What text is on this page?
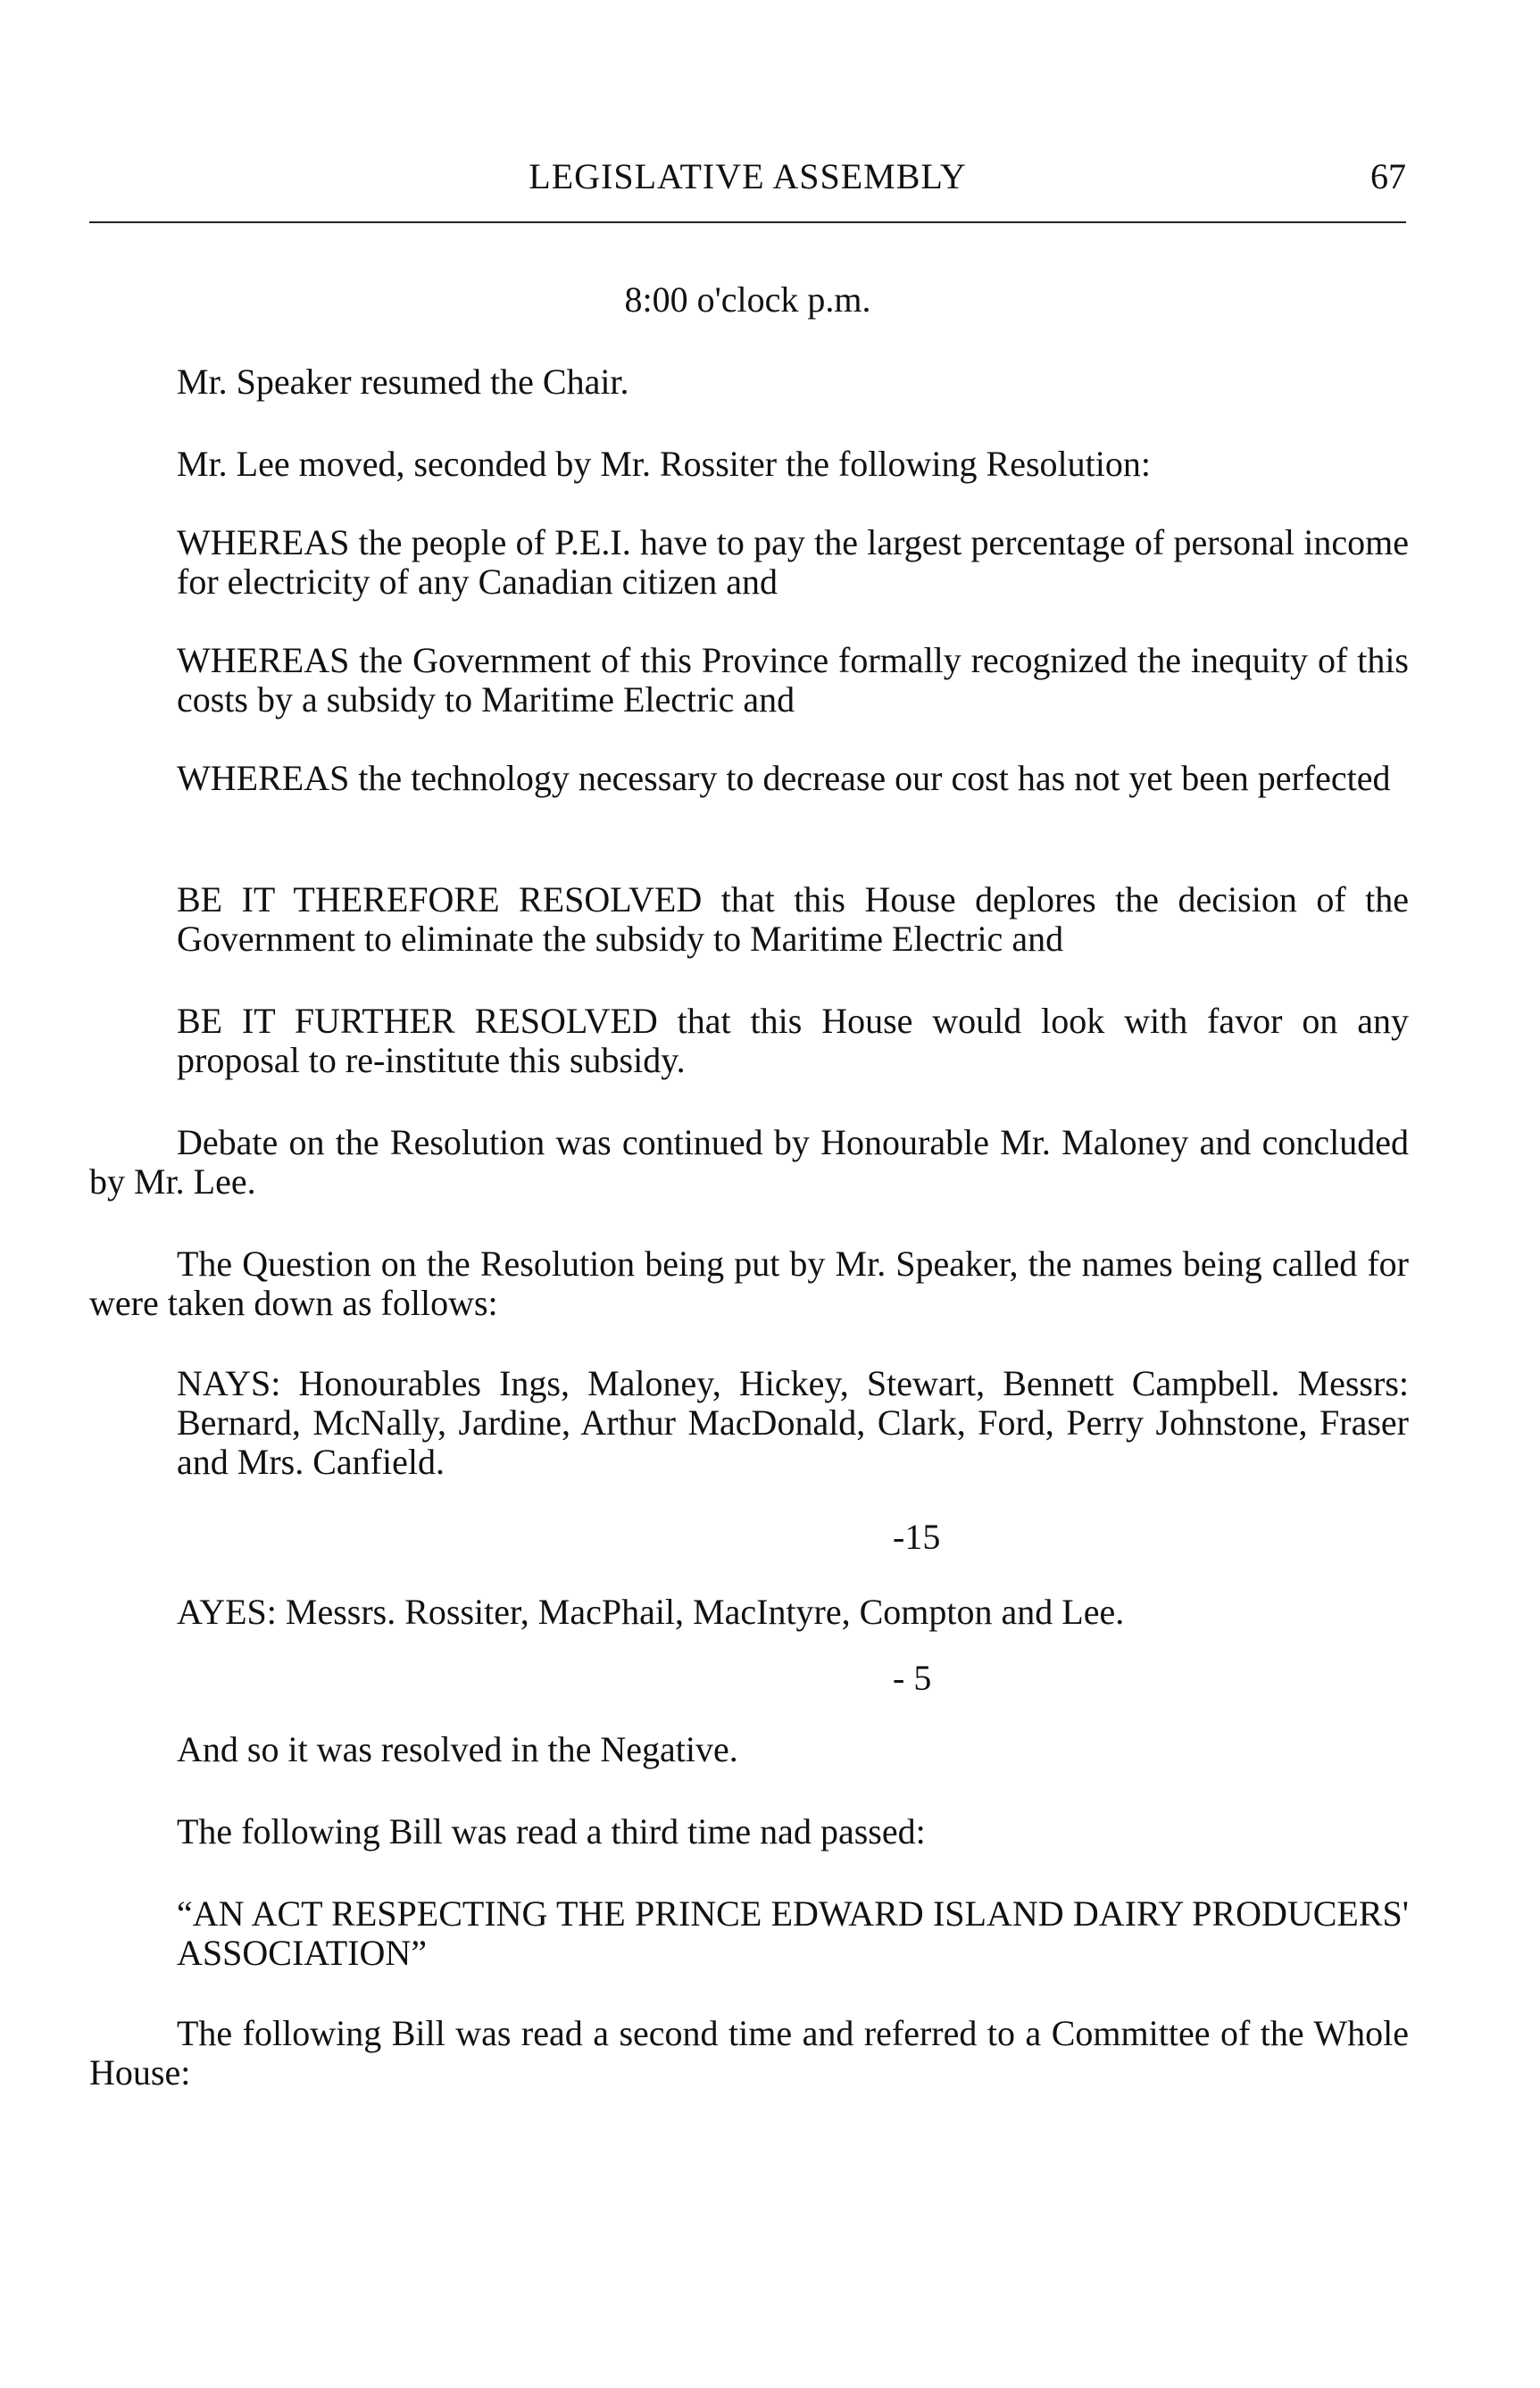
LEGISLATIVE ASSEMBLY	67

8:00 o'clock p.m.

Mr. Speaker resumed the Chair.

Mr. Lee moved, seconded by Mr. Rossiter the following Resolution:

WHEREAS the people of P.E.I. have to pay the largest percentage of personal income for electricity of any Canadian citizen and

WHEREAS the Government of this Province formally recognized the inequity of this costs by a subsidy to Maritime Electric and

WHEREAS the technology necessary to decrease our cost has not yet been perfected

BE IT THEREFORE RESOLVED that this House deplores the decision of the Government to eliminate the subsidy to Maritime Electric and

BE IT FURTHER RESOLVED that this House would look with favor on any proposal to re-institute this subsidy.

Debate on the Resolution was continued by Honourable Mr. Maloney and concluded by Mr. Lee.

The Question on the Resolution being put by Mr. Speaker, the names being called for were taken down as follows:

NAYS: Honourables Ings, Maloney, Hickey, Stewart, Bennett Campbell. Messrs: Bernard, McNally, Jardine, Arthur MacDonald, Clark, Ford, Perry Johnstone, Fraser and Mrs. Canfield.

-15

AYES: Messrs. Rossiter, MacPhail, MacIntyre, Compton and Lee.

- 5

And so it was resolved in the Negative.

The following Bill was read a third time nad passed:

“AN ACT RESPECTING THE PRINCE EDWARD ISLAND DAIRY PRODUCERS' ASSOCIATION”

The following Bill was read a second time and referred to a Committee of the Whole House:
